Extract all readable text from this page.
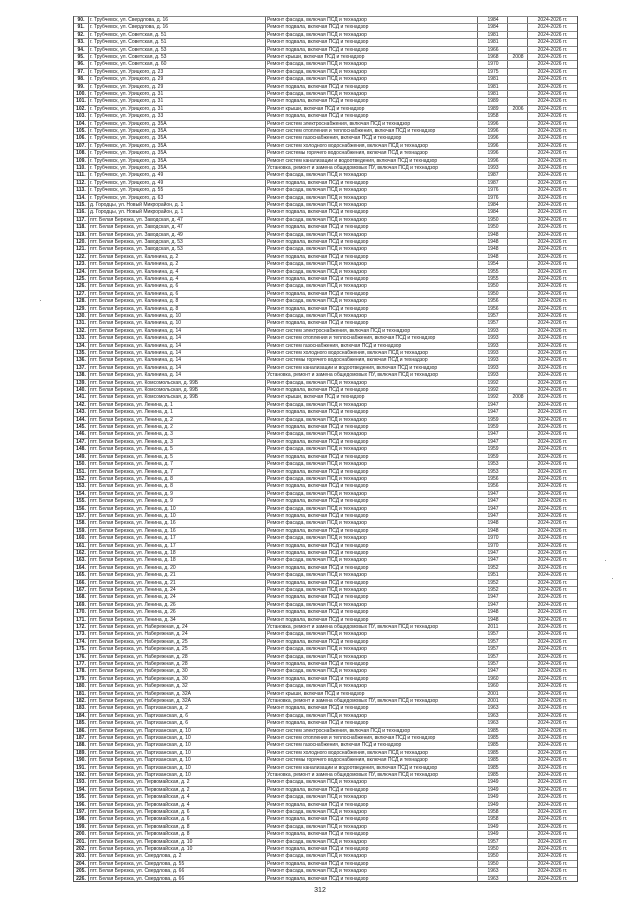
90.	г. Трубчевск, ул. Свердлова, д. 16	Ремонт фасада, включая ПСД и технадзор	1984	2024-2026 гг.
91.	г. Трубчевск, ул. Свердлова, д. 16	Ремонт подвала, включая ПСД и технадзор	1984	2024-2026 гг.
92.	г. Трубчевск, ул. Советская, д. 51	Ремонт фасада, включая ПСД и технадзор	1981	2024-2026 гг.
93.	г. Трубчевск, ул. Советская, д. 51	Ремонт подвала, включая ПСД и технадзор	1981	2024-2026 гг.
94.	г. Трубчевск, ул. Советская, д. 53	Ремонт подвала, включая ПСД и технадзор	1966	2024-2026 гг.
95.	г. Трубчевск, ул. Советская, д. 53	Ремонт крыши, включая ПСД и технадзор	1968	2008	2024-2026 гг.
96.	г. Трубчевск, ул. Советская, д. 60	Ремонт фасада, включая ПСД и технадзор	1970	2024-2026 гг.
97.	г. Трубчевск, ул. Урицкого, д. 23	Ремонт фасада, включая ПСД и технадзор	1975	2024-2026 гг.
98.	г. Трубчевск, ул. Урицкого, д. 29	Ремонт фасада, включая ПСД и технадзор	1981	2024-2026 гг.
99.	г. Трубчевск, ул. Урицкого, д. 29	Ремонт подвала, включая ПСД и технадзор	1981	2024-2026 гг.
100. г. Трубчевск, ул. Урицкого, д. 31	Ремонт фасада, включая ПСД и технадзор	1981	2024-2026 гг.
101. г. Трубчевск, ул. Урицкого, д. 31	Ремонт подвала, включая ПСД и технадзор	1989	2024-2026 гг.
102. г. Трубчевск, ул. Урицкого, д. 31	Ремонт крыши, включая ПСД и технадзор	1989	2006	2024-2026 гг.
103. г. Трубчевск, ул. Урицкого, д. 33	Ремонт подвала, включая ПСД и технадзор	1958	2024-2026 гг.
104. г. Трубчевск, ул. Урицкого, д. 35А	Ремонт систем электроснабжения, включая ПСД и технадзор	1996	2024-2026 гг.
105. г. Трубчевск, ул. Урицкого, д. 35А	Ремонт систем отопления и теплоснабжения, включая ПСД и технадзор	1996	2024-2026 гг.
106. г. Трубчевск, ул. Урицкого, д. 35А	Ремонт систем газоснабжения, включая ПСД и технадзор	1996	2024-2026 гг.
107. г. Трубчевск, ул. Урицкого, д. 35А	Ремонт систем холодного водоснабжения, включая ПСД и технадзор	1996	2024-2026 гг.
108. г. Трубчевск, ул. Урицкого, д. 35А	Ремонт системы горячего водоснабжения, включая ПСД и технадзор	1996	2024-2026 гг.
109. г. Трубчевск, ул. Урицкого, д. 35А	Ремонт систем канализации и водоотведения, включая ПСД и технадзор	1996	2024-2026 гг.
110. г. Трубчевск, ул. Урицкого, д. 35А	Установка, ремонт и замена общедомовых ПУ, включая ПСД и технадзор	1993	2024-2026 гг.
111. г. Трубчевск, ул. Урицкого, д. 49	Ремонт фасада, включая ПСД и технадзор	1987	2024-2026 гг.
112. г. Трубчевск, ул. Урицкого, д. 49	Ремонт подвала, включая ПСД и технадзор	1987	2024-2026 гг.
113. г. Трубчевск, ул. Урицкого, д. 55	Ремонт фасада, включая ПСД и технадзор	1976	2024-2026 гг.
114. г. Трубчевск, ул. Урицкого, д. 63	Ремонт фасада, включая ПСД и технадзор	1976	2024-2026 гг.
115. д. Городцы, ул. Новый Микрорайон, д. 1	Ремонт фасада, включая ПСД и технадзор	1984	2024-2026 гг.
116. д. Городцы, ул. Новый Микрорайон, д. 1	Ремонт подвала, включая ПСД и технадзор	1984	2024-2026 гг.
117. пгт. Белая Березка, ул. Заводская, д. 47	Ремонт фасада, включая ПСД и технадзор	1950	2024-2026 гг.
118. пгт. Белая Березка, ул. Заводская, д. 47	Ремонт подвала, включая ПСД и технадзор	1950	2024-2026 гг.
119. пгт. Белая Березка, ул. Заводская, д. 49	Ремонт фасада, включая ПСД и технадзор	1948	2024-2026 гг.
120. пгт. Белая Березка, ул. Заводская, д. 53	Ремонт подвала, включая ПСД и технадзор	1948	2024-2026 гг.
121. пгт. Белая Березка, ул. Заводская, д. 53	Ремонт фасада, включая ПСД и технадзор	1948	2024-2026 гг.
122. пгт. Белая Березка, ул. Калинина, д. 2	Ремонт подвала, включая ПСД и технадзор	1948	2024-2026 гг.
123. пгт. Белая Березка, ул. Калинина, д. 2	Ремонт фасада, включая ПСД и технадзор	1954	2024-2026 гг.
124. пгт. Белая Березка, ул. Калинина, д. 4	Ремонт фасада, включая ПСД и технадзор	1955	2024-2026 гг.
125. пгт. Белая Березка, ул. Калинина, д. 4	Ремонт подвала, включая ПСД и технадзор	1955	2024-2026 гг.
126. пгт. Белая Березка, ул. Калинина, д. 6	Ремонт фасада, включая ПСД и технадзор	1950	2024-2026 гг.
127. пгт. Белая Березка, ул. Калинина, д. 6	Ремонт подвала, включая ПСД и технадзор	1950	2024-2026 гг.
128. пгт. Белая Березка, ул. Калинина, д. 8	Ремонт фасада, включая ПСД и технадзор	1956	2024-2026 гг.
129. пгт. Белая Березка, ул. Калинина, д. 8	Ремонт подвала, включая ПСД и технадзор	1956	2024-2026 гг.
130. пгт. Белая Березка, ул. Калинина, д. 10	Ремонт фасада, включая ПСД и технадзор	1957	2024-2026 гг.
131. пгт. Белая Березка, ул. Калинина, д. 10	Ремонт подвала, включая ПСД и технадзор	1957	2024-2026 гг.
132. пгт. Белая Березка, ул. Калинина, д. 14	Ремонт систем электроснабжения, включая ПСД и технадзор	1993	2024-2026 гг.
133. пгт. Белая Березка, ул. Калинина, д. 14	Ремонт систем отопления и теплоснабжения, включая ПСД и технадзор	1993	2024-2026 гг.
134. пгт. Белая Березка, ул. Калинина, д. 14	Ремонт систем газоснабжения, включая ПСД и технадзор	1993	2024-2026 гг.
135. пгт. Белая Березка, ул. Калинина, д. 14	Ремонт систем холодного водоснабжения, включая ПСД и технадзор	1993	2024-2026 гг.
136. пгт. Белая Березка, ул. Калинина, д. 14	Ремонт системы горячего водоснабжения, включая ПСД и технадзор	1993	2024-2026 гг.
137. пгт. Белая Березка, ул. Калинина, д. 14	Ремонт систем канализации и водоотведения, включая ПСД и технадзор	1993	2024-2026 гг.
138. пгт. Белая Березка, ул. Калинина, д. 14	Установка, ремонт и замена общедомовых ПУ, включая ПСД и технадзор	1993	2024-2026 гг.
139. пгт. Белая Березка, ул. Комсомольская, д. 99Б	Ремонт фасада, включая ПСД и технадзор	1992	2024-2026 гг.
140. пгт. Белая Березка, ул. Комсомольская, д. 99Б	Ремонт подвала, включая ПСД и технадзор	1992	2024-2026 гг.
141. пгт. Белая Березка, ул. Комсомольская, д. 99Б	Ремонт крыши, включая ПСД и технадзор	1992	2008	2024-2026 гг.
142. пгт. Белая Березка, ул. Ленина, д. 1	Ремонт фасада, включая ПСД и технадзор	1947	2024-2026 гг.
143. пгт. Белая Березка, ул. Ленина, д. 1	Ремонт подвала, включая ПСД и технадзор	1947	2024-2026 гг.
144. пгт. Белая Березка, ул. Ленина, д. 2	Ремонт фасада, включая ПСД и технадзор	1959	2024-2026 гг.
145. пгт. Белая Березка, ул. Ленина, д. 2	Ремонт подвала, включая ПСД и технадзор	1959	2024-2026 гг.
146. пгт. Белая Березка, ул. Ленина, д. 3	Ремонт фасада, включая ПСД и технадзор	1947	2024-2026 гг.
147. пгт. Белая Березка, ул. Ленина, д. 3	Ремонт подвала, включая ПСД и технадзор	1947	2024-2026 гг.
148. пгт. Белая Березка, ул. Ленина, д. 5	Ремонт фасада, включая ПСД и технадзор	1959	2024-2026 гг.
149. пгт. Белая Березка, ул. Ленина, д. 5	Ремонт подвала, включая ПСД и технадзор	1959	2024-2026 гг.
150. пгт. Белая Березка, ул. Ленина, д. 7	Ремонт фасада, включая ПСД и технадзор	1953	2024-2026 гг.
151. пгт. Белая Березка, ул. Ленина, д. 7	Ремонт подвала, включая ПСД и технадзор	1953	2024-2026 гг.
152. пгт. Белая Березка, ул. Ленина, д. 8	Ремонт фасада, включая ПСД и технадзор	1956	2024-2026 гг.
153. пгт. Белая Березка, ул. Ленина, д. 8	Ремонт подвала, включая ПСД и технадзор	1956	2024-2026 гг.
154. пгт. Белая Березка, ул. Ленина, д. 9	Ремонт фасада, включая ПСД и технадзор	1947	2024-2026 гг.
155. пгт. Белая Березка, ул. Ленина, д. 9	Ремонт подвала, включая ПСД и технадзор	1947	2024-2026 гг.
156. пгт. Белая Березка, ул. Ленина, д. 10	Ремонт фасада, включая ПСД и технадзор	1947	2024-2026 гг.
157. пгт. Белая Березка, ул. Ленина, д. 10	Ремонт подвала, включая ПСД и технадзор	1947	2024-2026 гг.
158. пгт. Белая Березка, ул. Ленина, д. 16	Ремонт фасада, включая ПСД и технадзор	1948	2024-2026 гг.
159. пгт. Белая Березка, ул. Ленина, д. 16	Ремонт подвала, включая ПСД и технадзор	1948	2024-2026 гг.
160. пгт. Белая Березка, ул. Ленина, д. 17	Ремонт фасада, включая ПСД и технадзор	1970	2024-2026 гг.
161. пгт. Белая Березка, ул. Ленина, д. 17	Ремонт подвала, включая ПСД и технадзор	1970	2024-2026 гг.
162. пгт. Белая Березка, ул. Ленина, д. 18	Ремонт подвала, включая ПСД и технадзор	1947	2024-2026 гг.
163. пгт. Белая Березка, ул. Ленина, д. 18	Ремонт фасада, включая ПСД и технадзор	1947	2024-2026 гг.
164. пгт. Белая Березка, ул. Ленина, д. 20	Ремонт подвала, включая ПСД и технадзор	1952	2024-2026 гг.
165. пгт. Белая Березка, ул. Ленина, д. 21	Ремонт фасада, включая ПСД и технадзор	1951	2024-2026 гг.
166. пгт. Белая Березка, ул. Ленина, д. 21	Ремонт подвала, включая ПСД и технадзор	1952	2024-2026 гг.
167. пгт. Белая Березка, ул. Ленина, д. 24	Ремонт фасада, включая ПСД и технадзор	1952	2024-2026 гг.
168. пгт. Белая Березка, ул. Ленина, д. 24	Ремонт подвала, включая ПСД и технадзор	1947	2024-2026 гг.
169. пгт. Белая Березка, ул. Ленина, д. 26	Ремонт фасада, включая ПСД и технадзор	1947	2024-2026 гг.
170. пгт. Белая Березка, ул. Ленина, д. 26	Ремонт подвала, включая ПСД и технадзор	1948	2024-2026 гг.
171. пгт. Белая Березка, ул. Ленина, д. 34	Ремонт подвала, включая ПСД и технадзор	1948	2024-2026 гг.
172. пгт. Белая Березка, ул. Набережная, д. 24	Установка, ремонт и замена общедомовых ПУ, включая ПСД и технадзор	2011	2024-2026 гг.
173. пгт. Белая Березка, ул. Набережная, д. 24	Ремонт фасада, включая ПСД и технадзор	1957	2024-2026 гг.
174. пгт. Белая Березка, ул. Набережная, д. 25	Ремонт подвала, включая ПСД и технадзор	1957	2024-2026 гг.
175. пгт. Белая Березка, ул. Набережная, д. 25	Ремонт фасада, включая ПСД и технадзор	1957	2024-2026 гг.
176. пгт. Белая Березка, ул. Набережная, д. 28	Ремонт фасада, включая ПСД и технадзор	1957	2024-2026 гг.
177. пгт. Белая Березка, ул. Набережная, д. 28	Ремонт подвала, включая ПСД и технадзор	1957	2024-2026 гг.
178. пгт. Белая Березка, ул. Набережная, д. 30	Ремонт фасада, включая ПСД и технадзор	1947	2024-2026 гг.
179. пгт. Белая Березка, ул. Набережная, д. 30	Ремонт подвала, включая ПСД и технадзор	1960	2024-2026 гг.
180. пгт. Белая Березка, ул. Набережная, д. 32	Ремонт фасада, включая ПСД и технадзор	1960	2024-2026 гг.
181. пгт. Белая Березка, ул. Набережная, д. 32А	Ремонт крыши, включая ПСД и технадзор	2001	2024-2026 гг.
182. пгт. Белая Березка, ул. Набережная, д. 32А	Установка, ремонт и замена общедомовых ПУ, включая ПСД и технадзор	2001	2024-2026 гг.
183. пгт. Белая Березка, ул. Партизанская, д. 2	Ремонт подвала, включая ПСД и технадзор	1963	2024-2026 гг.
184. пгт. Белая Березка, ул. Партизанская, д. 6	Ремонт фасада, включая ПСД и технадзор	1963	2024-2026 гг.
185. пгт. Белая Березка, ул. Партизанская, д. 6	Ремонт подвала, включая ПСД и технадзор	1963	2024-2026 гг.
186. пгт. Белая Березка, ул. Партизанская, д. 10	Ремонт систем электроснабжения, включая ПСД и технадзор	1985	2024-2026 гг.
187. пгт. Белая Березка, ул. Партизанская, д. 10	Ремонт систем отопления и теплоснабжения, включая ПСД и технадзор	1985	2024-2026 гг.
188. пгт. Белая Березка, ул. Партизанская, д. 10	Ремонт систем газоснабжения, включая ПСД и технадзор	1985	2024-2026 гг.
189. пгт. Белая Березка, ул. Партизанская, д. 10	Ремонт систем холодного водоснабжения, включая ПСД и технадзор	1985	2024-2026 гг.
190. пгт. Белая Березка, ул. Партизанская, д. 10	Ремонт системы горячего водоснабжения, включая ПСД и технадзор	1985	2024-2026 гг.
191. пгт. Белая Березка, ул. Партизанская, д. 10	Ремонт систем канализации и водоотведения, включая ПСД и технадзор	1985	2024-2026 гг.
192. пгт. Белая Березка, ул. Партизанская, д. 10	Установка, ремонт и замена общедомовых ПУ, включая ПСД и технадзор	1985	2024-2026 гг.
193. пгт. Белая Березка, ул. Первомайская, д. 2	Ремонт фасада, включая ПСД и технадзор	1949	2024-2026 гг.
194. пгт. Белая Березка, ул. Первомайская, д. 2	Ремонт подвала, включая ПСД и технадзор	1949	2024-2026 гг.
195. пгт. Белая Березка, ул. Первомайская, д. 4	Ремонт фасада, включая ПСД и технадзор	1949	2024-2026 гг.
196. пгт. Белая Березка, ул. Первомайская, д. 4	Ремонт подвала, включая ПСД и технадзор	1949	2024-2026 гг.
197. пгт. Белая Березка, ул. Первомайская, д. 6	Ремонт фасада, включая ПСД и технадзор	1958	2024-2026 гг.
198. пгт. Белая Березка, ул. Первомайская, д. 6	Ремонт подвала, включая ПСД и технадзор	1958	2024-2026 гг.
199. пгт. Белая Березка, ул. Первомайская, д. 8	Ремонт фасада, включая ПСД и технадзор	1949	2024-2026 гг.
200. пгт. Белая Березка, ул. Первомайская, д. 8	Ремонт подвала, включая ПСД и технадзор	1949	2024-2026 гг.
201. пгт. Белая Березка, ул. Первомайская, д. 10	Ремонт фасада, включая ПСД и технадзор	1957	2024-2026 гг.
202. пгт. Белая Березка, ул. Первомайская, д. 10	Ремонт подвала, включая ПСД и технадзор	1950	2024-2026 гг.
203. пгт. Белая Березка, ул. Свердлова, д. 2	Ремонт фасада, включая ПСД и технадзор	1950	2024-2026 гг.
204. пгт. Белая Березка, ул. Свердлова, д. 55	Ремонт подвала, включая ПСД и технадзор	1950	2024-2026 гг.
205. пгт. Белая Березка, ул. Свердлова, д. 66	Ремонт фасада, включая ПСД и технадзор	1963	2024-2026 гг.
226. пгт. Белая Березка, ул. Свердлова, д. 66	Ремонт подвала, включая ПСД и технадзор	1963	2024-2026 гг.
312
